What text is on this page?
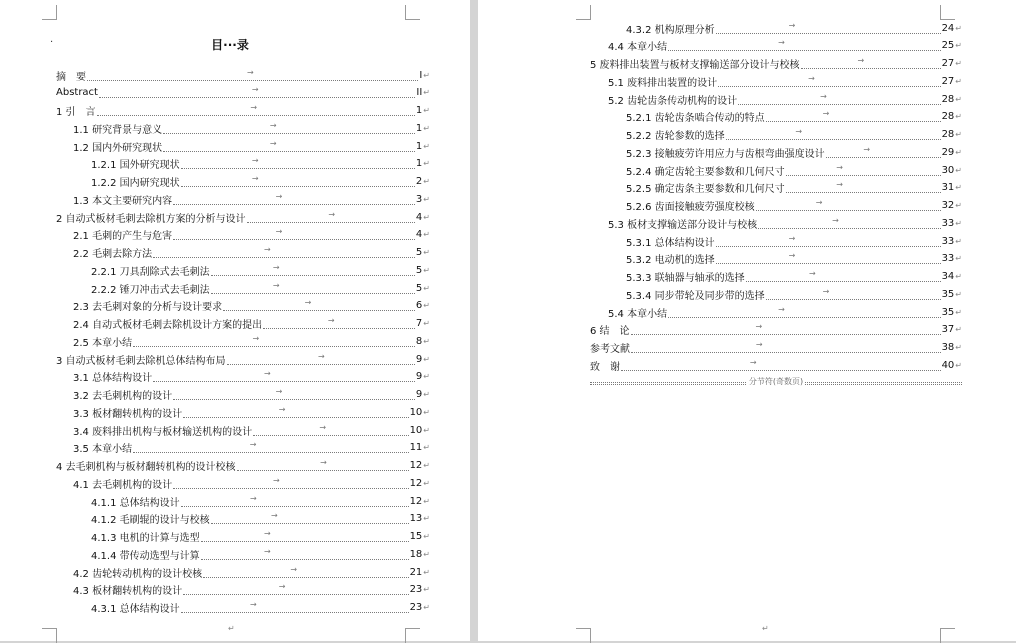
·	目···录
摘　要	→	I ↵
Abstract	→	II ↵
1 引　言	→	1 ↵
1.1 研究背景与意义	→	1 ↵
1.2 国内外研究现状	→	1 ↵
1.2.1 国外研究现状	→	1 ↵
1.2.2 国内研究现状	→	2 ↵
1.3 本文主要研究内容	→	3 ↵
2 自动式板材毛刺去除机方案的分析与设计	→	4 ↵
2.1 毛刺的产生与危害	→	4 ↵
2.2 毛刺去除方法	→	5 ↵
2.2.1 刀具刮除式去毛刺法	→	5 ↵
2.2.2 锤刀冲击式去毛刺法	→	5 ↵
2.3 去毛刺对象的分析与设计要求	→	6 ↵
2.4 自动式板材毛刺去除机设计方案的提出	→	7 ↵
2.5 本章小结	→	8 ↵
3 自动式板材毛刺去除机总体结构布局	→	9 ↵
3.1 总体结构设计	→	9 ↵
3.2 去毛刺机构的设计	→	9 ↵
3.3 板材翻转机构的设计	→	10 ↵
3.4 废料排出机构与板材输送机构的设计	→	10 ↵
3.5 本章小结	→	11 ↵
4 去毛刺机构与板材翻转机构的设计校核	→	12 ↵
4.1 去毛刺机构的设计	→	12 ↵
4.1.1 总体结构设计	→	12 ↵
4.1.2 毛刷辊的设计与校核	→	13 ↵
4.1.3 电机的计算与选型	→	15 ↵
4.1.4 带传动选型与计算	→	18 ↵
4.2 齿轮转动机构的设计校核	→	21 ↵
4.3 板材翻转机构的设计	→	23 ↵
4.3.1 总体结构设计	→	23 ↵
4.3.2 机构原理分析	→	24 ↵
4.4 本章小结	→	25 ↵
5 废料排出装置与板材支撑输送部分设计与校核	→	27 ↵
5.1 废料排出装置的设计	→	27 ↵
5.2 齿轮齿条传动机构的设计	→	28 ↵
5.2.1 齿轮齿条啮合传动的特点	→	28 ↵
5.2.2 齿轮参数的选择	→	28 ↵
5.2.3 接触疲劳许用应力与齿根弯曲强度设计	→	29 ↵
5.2.4 确定齿轮主要参数和几何尺寸	→	30 ↵
5.2.5 确定齿条主要参数和几何尺寸	→	31 ↵
5.2.6 齿面接触疲劳强度校核	→	32 ↵
5.3 板材支撑输送部分设计与校核	→	33 ↵
5.3.1 总体结构设计	→	33 ↵
5.3.2 电动机的选择	→	33 ↵
5.3.3 联轴器与轴承的选择	→	34 ↵
5.3.4 同步带轮及同步带的选择	→	35 ↵
5.4 本章小结	→	35 ↵
6 结　论	→	37 ↵
参考文献	→	38 ↵
致　谢	→	40 ↵
分节符(奇数页)
↵	↵
